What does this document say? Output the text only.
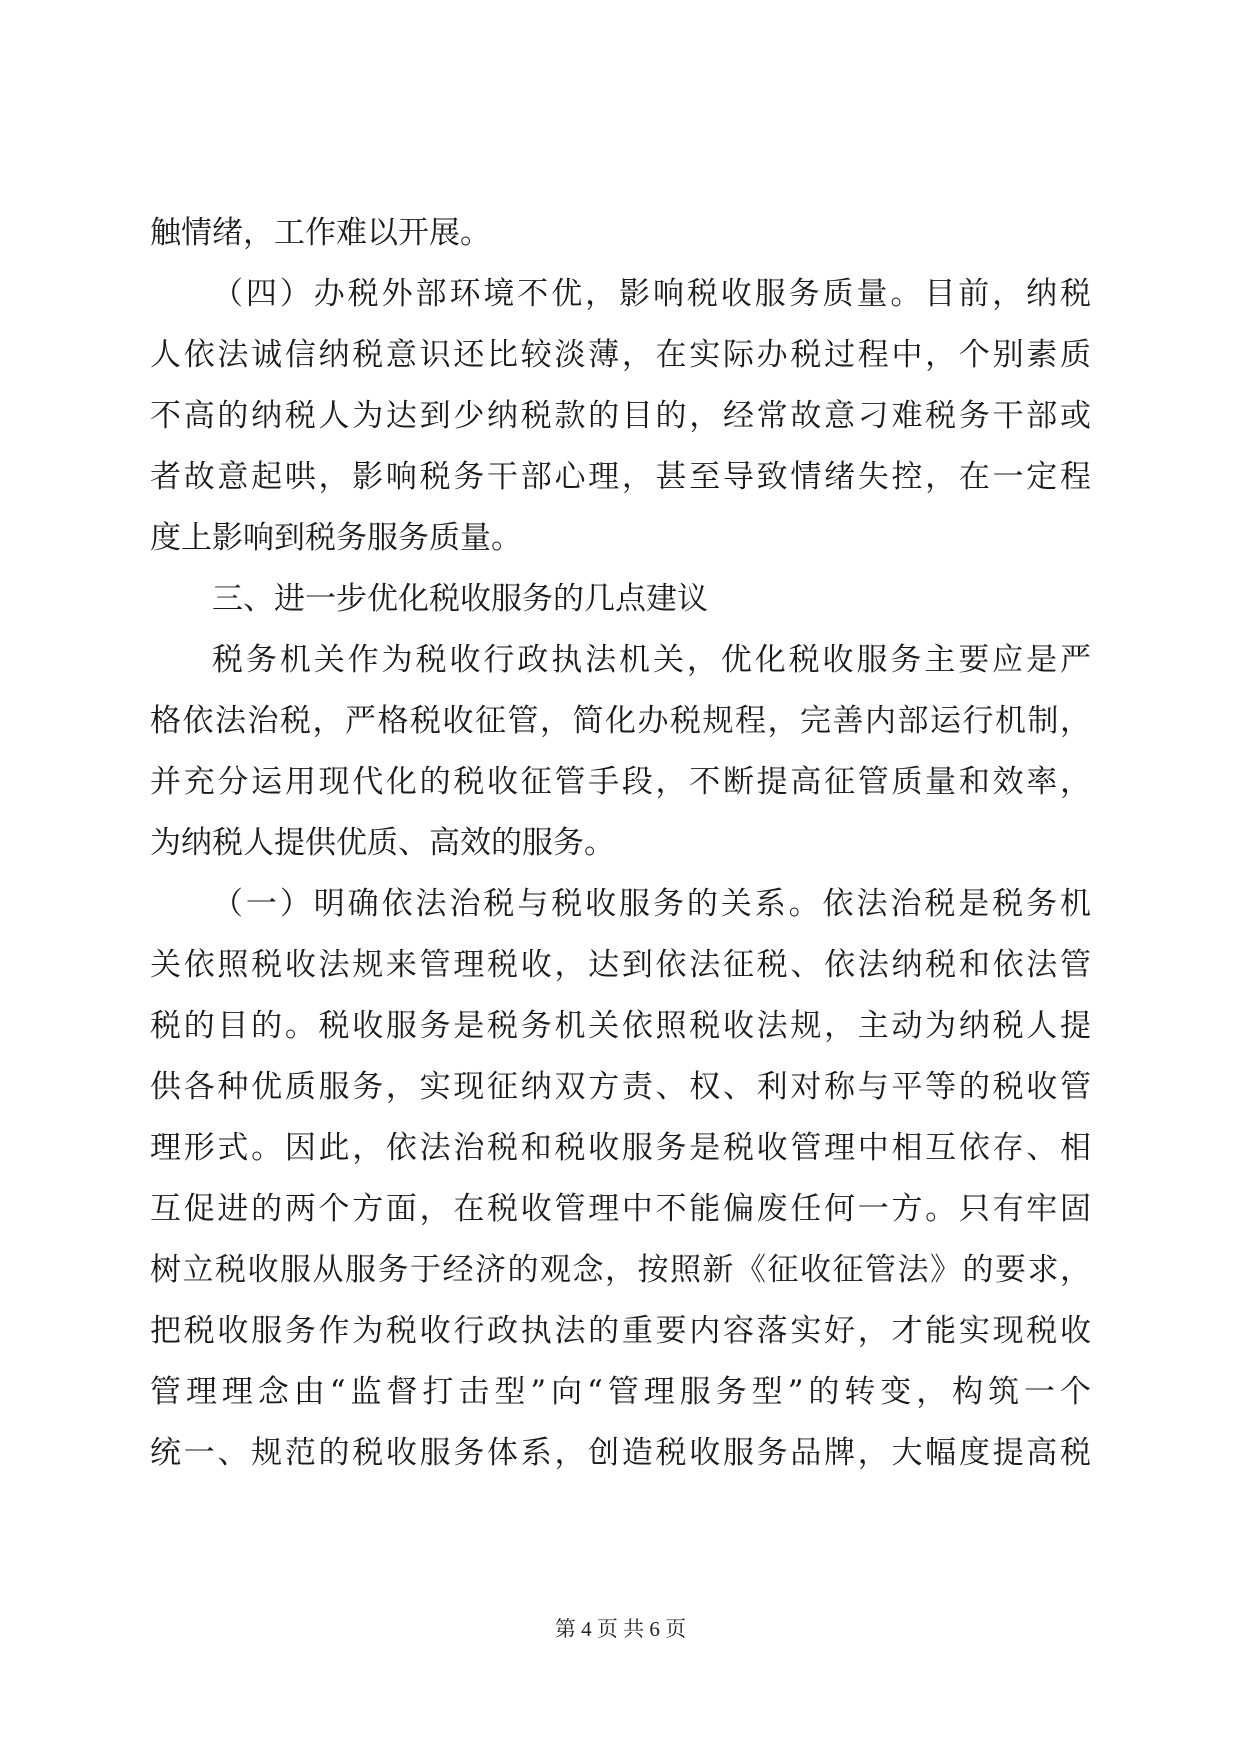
触情绪，工作难以开展。
（四）办税外部环境不优，影响税收服务质量。目前，纳税
人依法诚信纳税意识还比较淡薄，在实际办税过程中，个别素质
不高的纳税人为达到少纳税款的目的，经常故意刁难税务干部或
者故意起哄，影响税务干部心理，甚至导致情绪失控，在一定程
度上影响到税务服务质量。
三、进一步优化税收服务的几点建议
税务机关作为税收行政执法机关，优化税收服务主要应是严
格依法治税，严格税收征管，简化办税规程，完善内部运行机制，
并充分运用现代化的税收征管手段，不断提高征管质量和效率，
为纳税人提供优质、高效的服务。
（一）明确依法治税与税收服务的关系。依法治税是税务机
关依照税收法规来管理税收，达到依法征税、依法纳税和依法管
税的目的。税收服务是税务机关依照税收法规，主动为纳税人提
供各种优质服务，实现征纳双方责、权、利对称与平等的税收管
理形式。因此，依法治税和税收服务是税收管理中相互依存、相
互促进的两个方面，在税收管理中不能偏废任何一方。只有牢固
树立税收服从服务于经济的观念，按照新《征收征管法》的要求，
把税收服务作为税收行政执法的重要内容落实好，才能实现税收
管理理念由“监督打击型”向“管理服务型”的转变，构筑一个
统一、规范的税收服务体系，创造税收服务品牌，大幅度提高税
第 4 页 共 6 页
